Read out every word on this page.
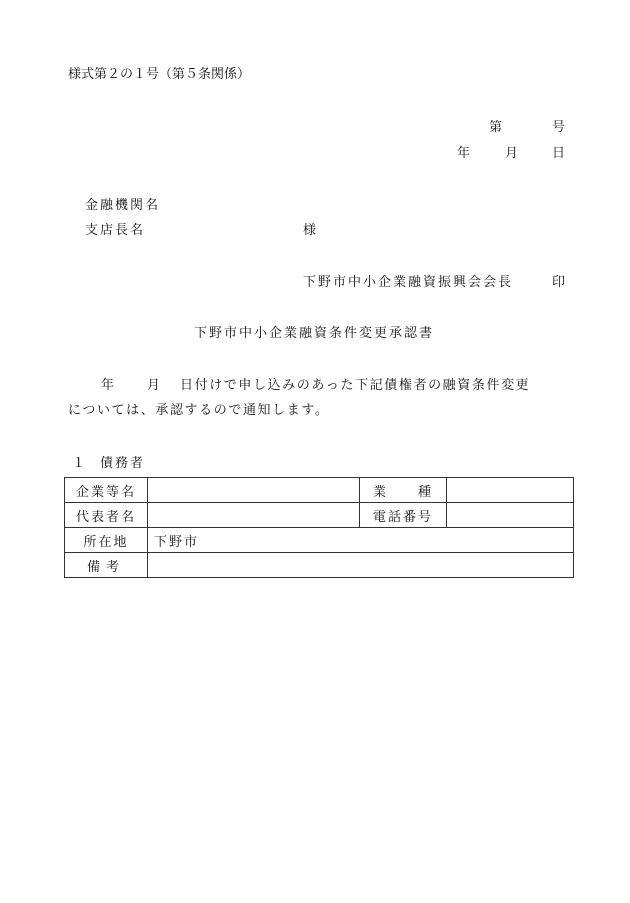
様式第２の１号（第５条関係）
第	号
年	月	日
金融機関名
支店長名	様
下野市中小企業融資振興会会長	印
下野市中小企業融資条件変更承認書
年	月 日付けで申し込みのあった下記債権者の融資条件変更
については、承認するので通知します。
１ 債務者
企業等名		業　　種	
代表者名		電話番号	
所在地	下野市		
備考			
